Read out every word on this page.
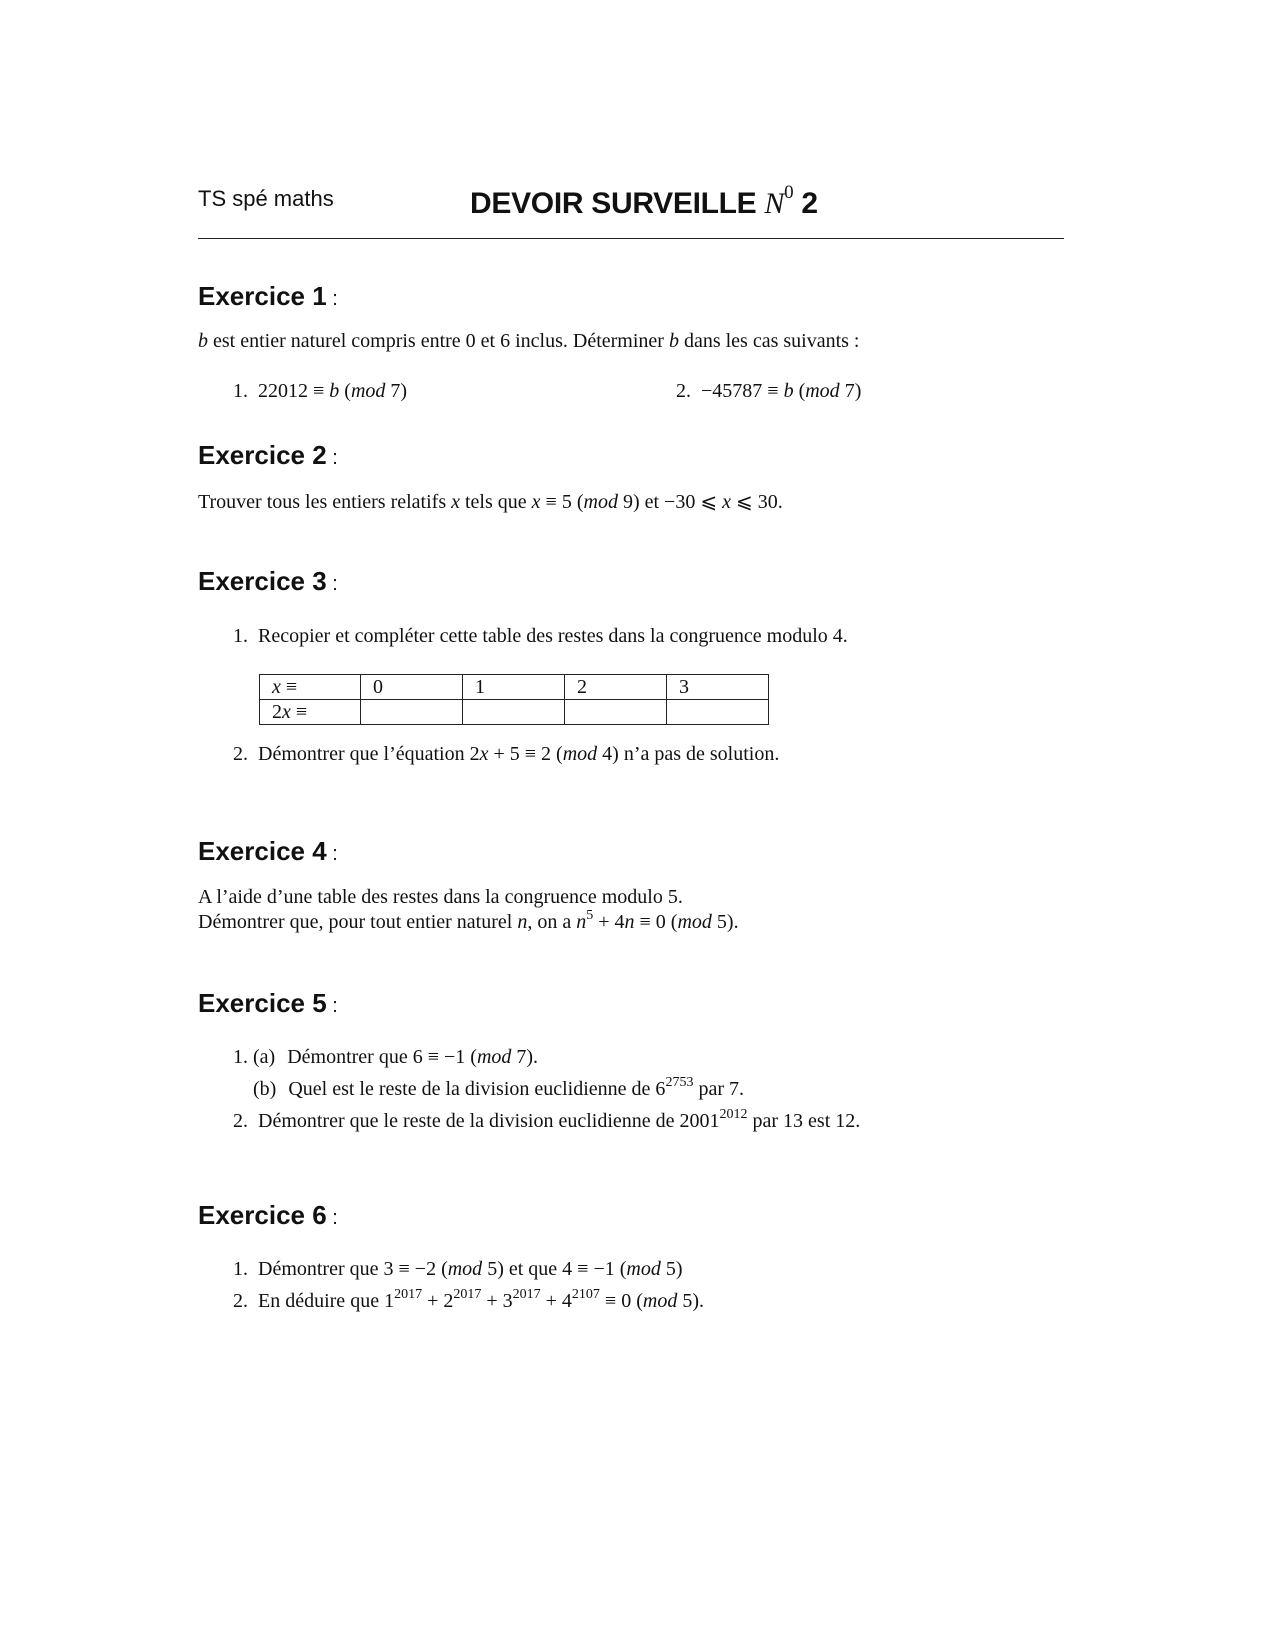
TS spé maths	DEVOIR SURVEILLE $N^0$ 2
Exercice 1 :
b est entier naturel compris entre 0 et 6 inclus. Déterminer b dans les cas suivants :
1. 22012 ≡ b (mod 7)	2. −45787 ≡ b (mod 7)
Exercice 2 :
Trouver tous les entiers relatifs x tels que x ≡ 5 (mod 9) et −30 ⩽ x ⩽ 30.
Exercice 3 :
1. Recopier et compléter cette table des restes dans la congruence modulo 4.
x ≡	0	1	2	3
2x ≡				
2. Démontrer que l’équation 2x + 5 ≡ 2 (mod 4) n’a pas de solution.
Exercice 4 :
A l’aide d’une table des restes dans la congruence modulo 5.
Démontrer que, pour tout entier naturel n, on a $n^5 + 4n \equiv 0$ (mod 5).
Exercice 5 :
1. (a) Démontrer que 6 ≡ −1 (mod 7).
(b) Quel est le reste de la division euclidienne de $6^{2753}$ par 7.
2. Démontrer que le reste de la division euclidienne de $2001^{2012}$ par 13 est 12.
Exercice 6 :
1. Démontrer que 3 ≡ −2 (mod 5) et que 4 ≡ −1 (mod 5)
2. En déduire que $1^{2017} + 2^{2017} + 3^{2017} + 4^{2107} \equiv 0$ (mod 5).
